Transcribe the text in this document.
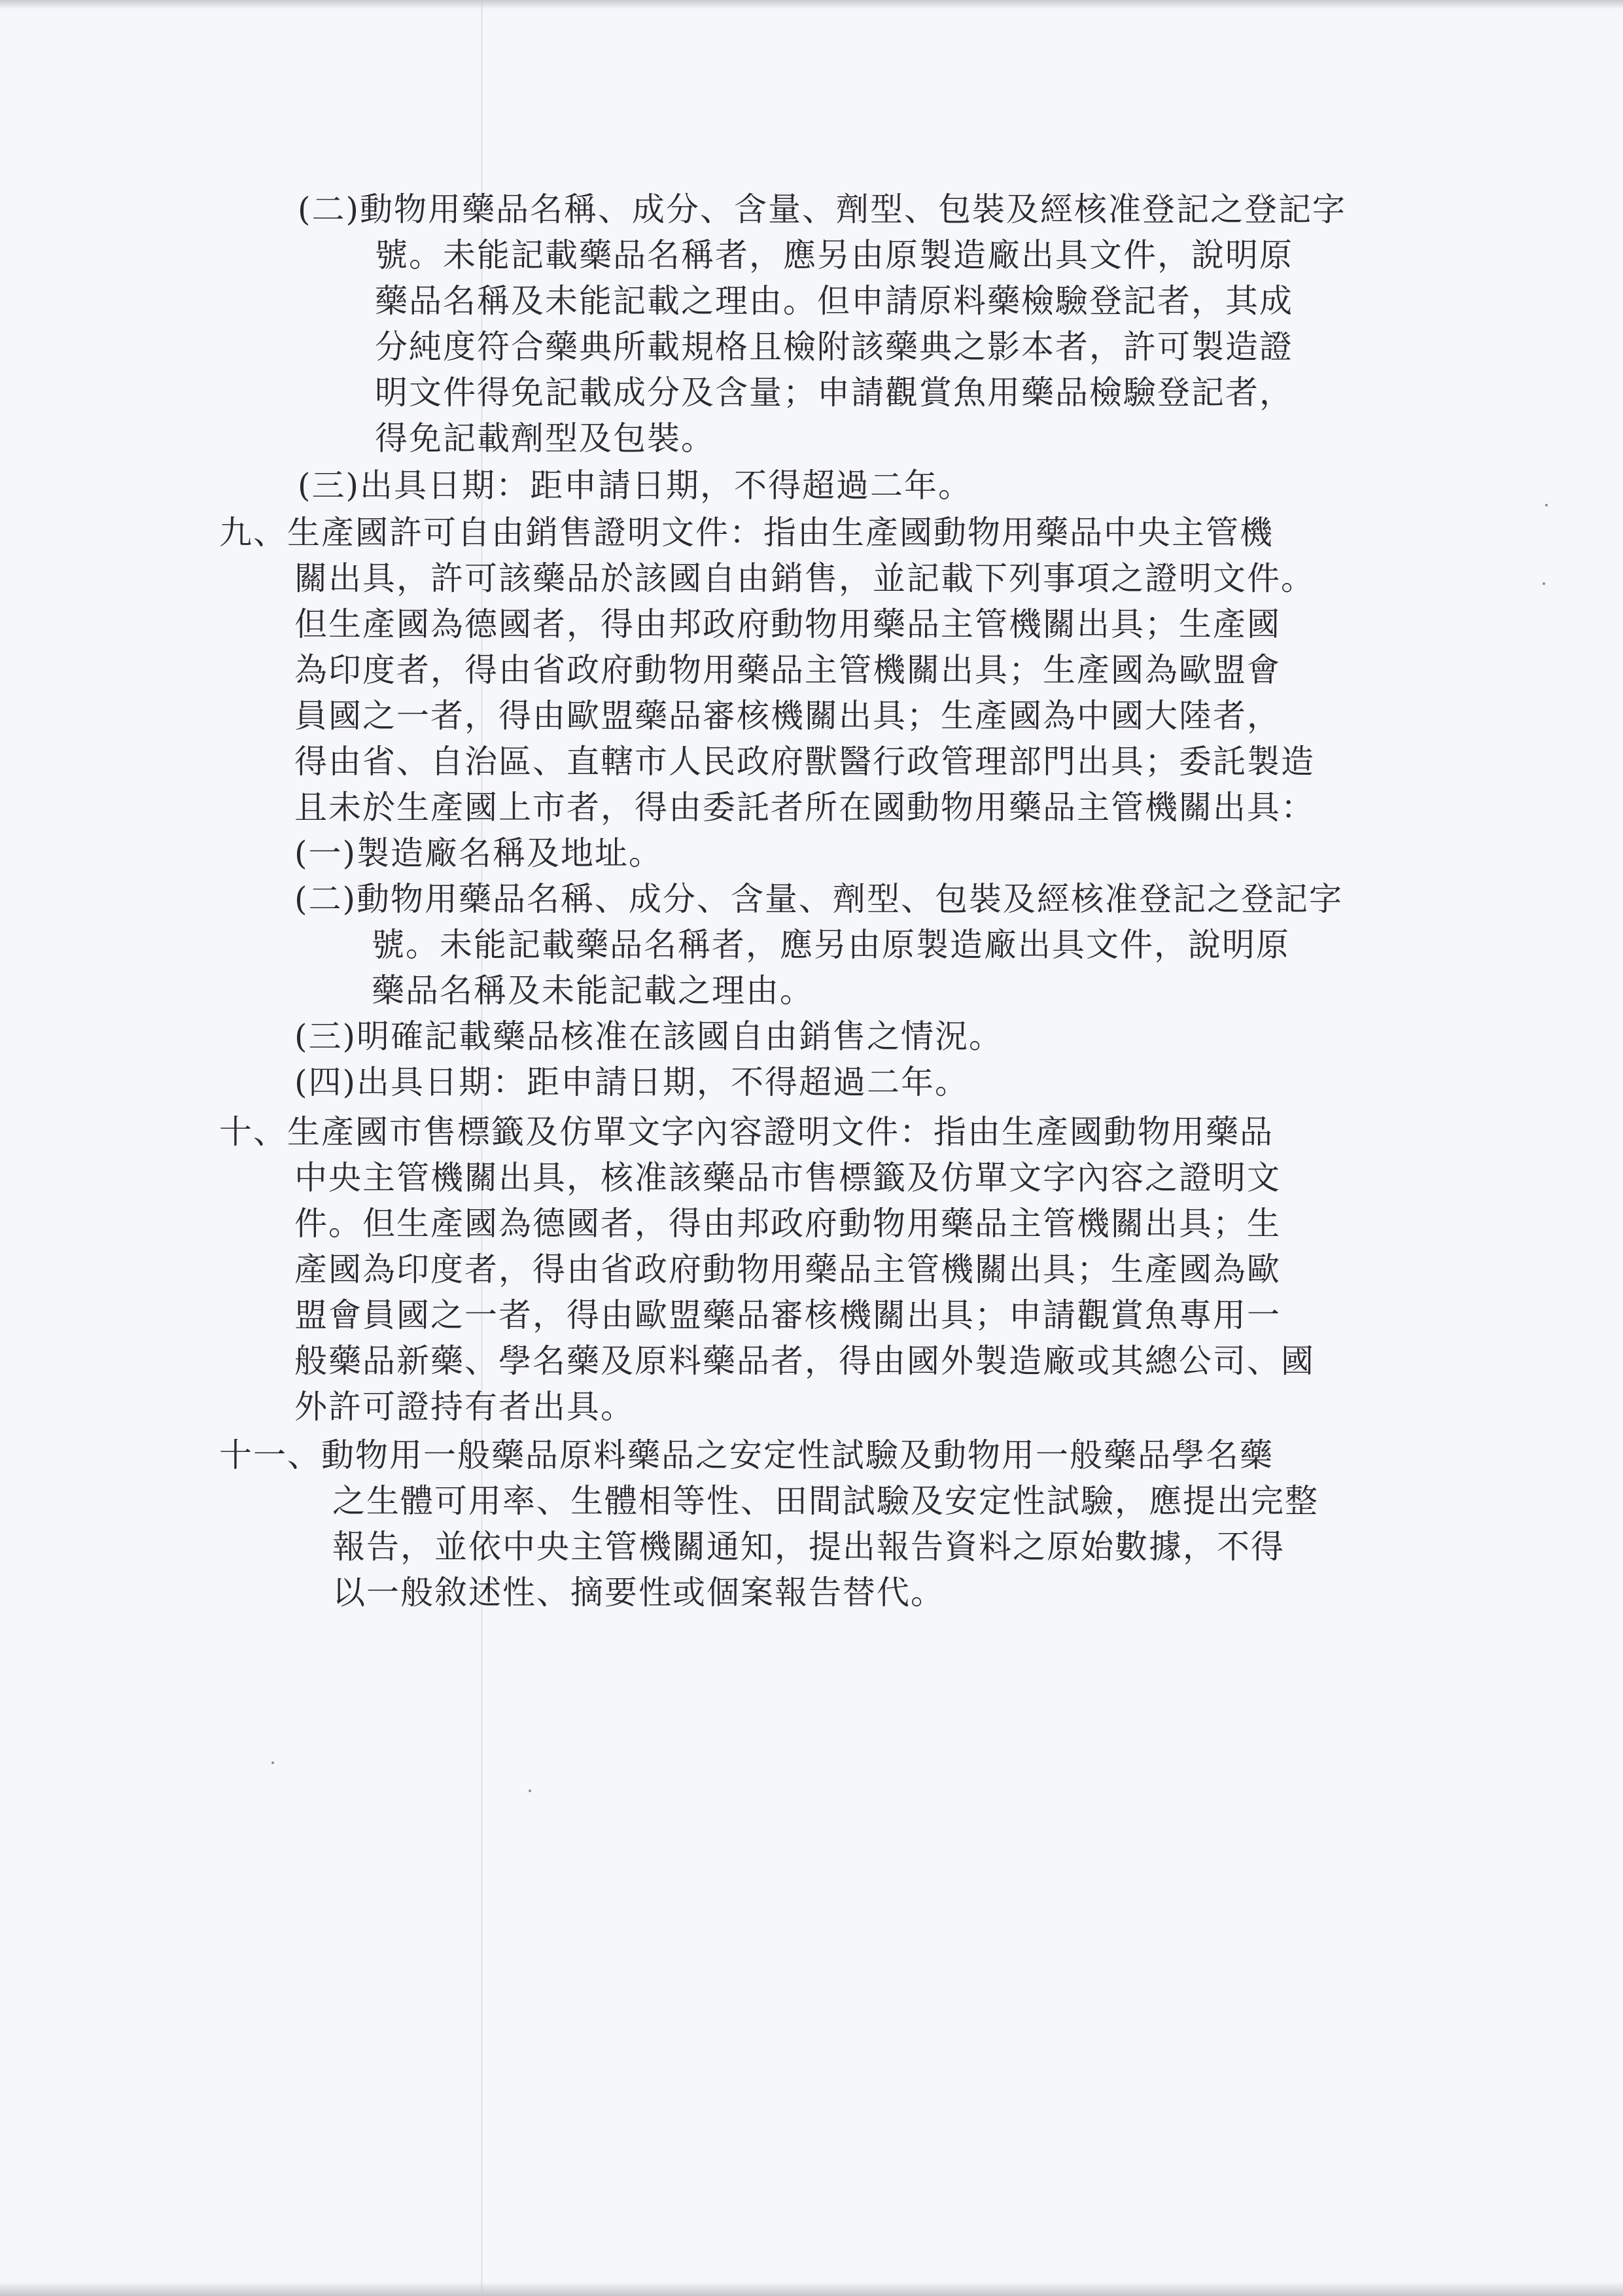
(二)動物用藥品名稱、成分、含量、劑型、包裝及經核准登記之登記字
號。未能記載藥品名稱者，應另由原製造廠出具文件，說明原
藥品名稱及未能記載之理由。但申請原料藥檢驗登記者，其成
分純度符合藥典所載規格且檢附該藥典之影本者，許可製造證
明文件得免記載成分及含量；申請觀賞魚用藥品檢驗登記者，
得免記載劑型及包裝。
(三)出具日期：距申請日期，不得超過二年。
九、生產國許可自由銷售證明文件：指由生產國動物用藥品中央主管機
關出具，許可該藥品於該國自由銷售，並記載下列事項之證明文件。
但生產國為德國者，得由邦政府動物用藥品主管機關出具；生產國
為印度者，得由省政府動物用藥品主管機關出具；生產國為歐盟會
員國之一者，得由歐盟藥品審核機關出具；生產國為中國大陸者，
得由省、自治區、直轄市人民政府獸醫行政管理部門出具；委託製造
且未於生產國上市者，得由委託者所在國動物用藥品主管機關出具：
(一)製造廠名稱及地址。
(二)動物用藥品名稱、成分、含量、劑型、包裝及經核准登記之登記字
號。未能記載藥品名稱者，應另由原製造廠出具文件，說明原
藥品名稱及未能記載之理由。
(三)明確記載藥品核准在該國自由銷售之情況。
(四)出具日期：距申請日期，不得超過二年。
十、生產國市售標籤及仿單文字內容證明文件：指由生產國動物用藥品
中央主管機關出具，核准該藥品市售標籤及仿單文字內容之證明文
件。但生產國為德國者，得由邦政府動物用藥品主管機關出具；生
產國為印度者，得由省政府動物用藥品主管機關出具；生產國為歐
盟會員國之一者，得由歐盟藥品審核機關出具；申請觀賞魚專用一
般藥品新藥、學名藥及原料藥品者，得由國外製造廠或其總公司、國
外許可證持有者出具。
十一、動物用一般藥品原料藥品之安定性試驗及動物用一般藥品學名藥
之生體可用率、生體相等性、田間試驗及安定性試驗，應提出完整
報告，並依中央主管機關通知，提出報告資料之原始數據，不得
以一般敘述性、摘要性或個案報告替代。
